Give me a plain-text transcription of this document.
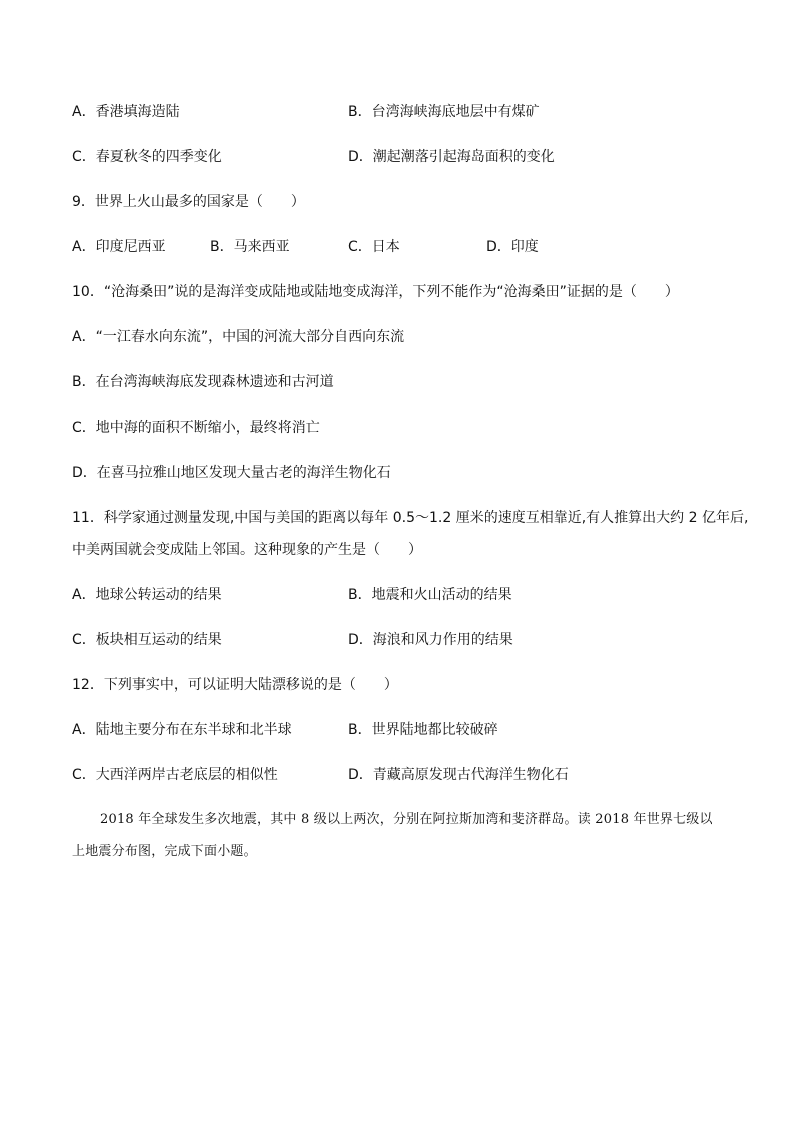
A．香港填海造陆	B．台湾海峡海底地层中有煤矿
C．春夏秋冬的四季变化	D．潮起潮落引起海岛面积的变化
9．世界上火山最多的国家是（　　）
A．印度尼西亚	B．马来西亚	C．日本	D．印度
10．“沧海桑田”说的是海洋变成陆地或陆地变成海洋，下列不能作为“沧海桑田”证据的是（　　）
A．“一江春水向东流”，中国的河流大部分自西向东流
B．在台湾海峡海底发现森林遗迹和古河道
C．地中海的面积不断缩小，最终将消亡
D．在喜马拉雅山地区发现大量古老的海洋生物化石
11．科学家通过测量发现,中国与美国的距离以每年 0.5～1.2 厘米的速度互相靠近,有人推算出大约 2 亿年后,
中美两国就会变成陆上邻国。这种现象的产生是（　　）
A．地球公转运动的结果	B．地震和火山活动的结果
C．板块相互运动的结果	D．海浪和风力作用的结果
12．下列事实中，可以证明大陆漂移说的是（　　）
A．陆地主要分布在东半球和北半球	B．世界陆地都比较破碎
C．大西洋两岸古老底层的相似性	D．青藏高原发现古代海洋生物化石
2018 年全球发生多次地震，其中 8 级以上两次，分别在阿拉斯加湾和斐济群岛。读 2018 年世界七级以
上地震分布图，完成下面小题。
